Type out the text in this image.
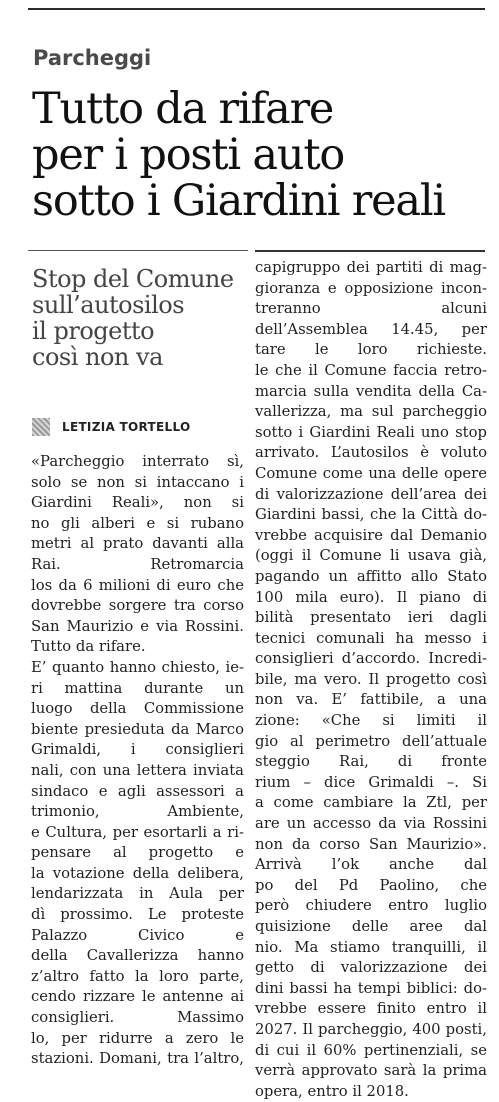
Parcheggi
Tutto da rifare
per i posti auto
sotto i Giardini reali
Stop del Comune
sull’autosilos
il progetto
così non va
LETIZIA TORTELLO
«Parcheggio interrato sì,
solo se non si intaccano i
Giardini Reali», non si
no gli alberi e si rubano
metri al prato davanti alla
Rai. Retromarcia
los da 6 milioni di euro che
dovrebbe sorgere tra corso
San Maurizio e via Rossini.
Tutto da rifare.
E’ quanto hanno chiesto, ie-
ri mattina durante un
luogo della Commissione
biente presieduta da Marco
Grimaldi, i consiglieri
nali, con una lettera inviata
sindaco e agli assessori a
trimonio, Ambiente,
e Cultura, per esortarli a ri-
pensare al progetto e
la votazione della delibera,
lendarizzata in Aula per
dì prossimo. Le proteste
Palazzo Civico e
della Cavallerizza hanno
z’altro fatto la loro parte,
cendo rizzare le antenne ai
consiglieri. Massimo
lo, per ridurre a zero le
stazioni. Domani, tra l’altro,
capigruppo dei partiti di mag-
gioranza e opposizione incon-
treranno alcuni
dell’Assemblea 14.45, per
tare le loro richieste.
le che il Comune faccia retro-
marcia sulla vendita della Ca-
vallerizza, ma sul parcheggio
sotto i Giardini Reali uno stop
arrivato. L’autosilos è voluto
Comune come una delle opere
di valorizzazione dell’area dei
Giardini bassi, che la Città do-
vrebbe acquisire dal Demanio
(oggi il Comune li usava già,
pagando un affitto allo Stato
100 mila euro). Il piano di
bilità presentato ieri dagli
tecnici comunali ha messo i
consiglieri d’accordo. Incredi-
bile, ma vero. Il progetto così
non va. E’ fattibile, a una
zione: «Che si limiti il
gio al perimetro dell’attuale
steggio Rai, di fronte
rium – dice Grimaldi –. Si
a come cambiare la Ztl, per
are un accesso da via Rossini
non da corso San Maurizio».
Arrivà l’ok anche dal
po del Pd Paolino, che
però chiudere entro luglio
quisizione delle aree dal
nio. Ma stiamo tranquilli, il
getto di valorizzazione dei
dini bassi ha tempi biblici: do-
vrebbe essere finito entro il
2027. Il parcheggio, 400 posti,
di cui il 60% pertinenziali, se
verrà approvato sarà la prima
opera, entro il 2018.
